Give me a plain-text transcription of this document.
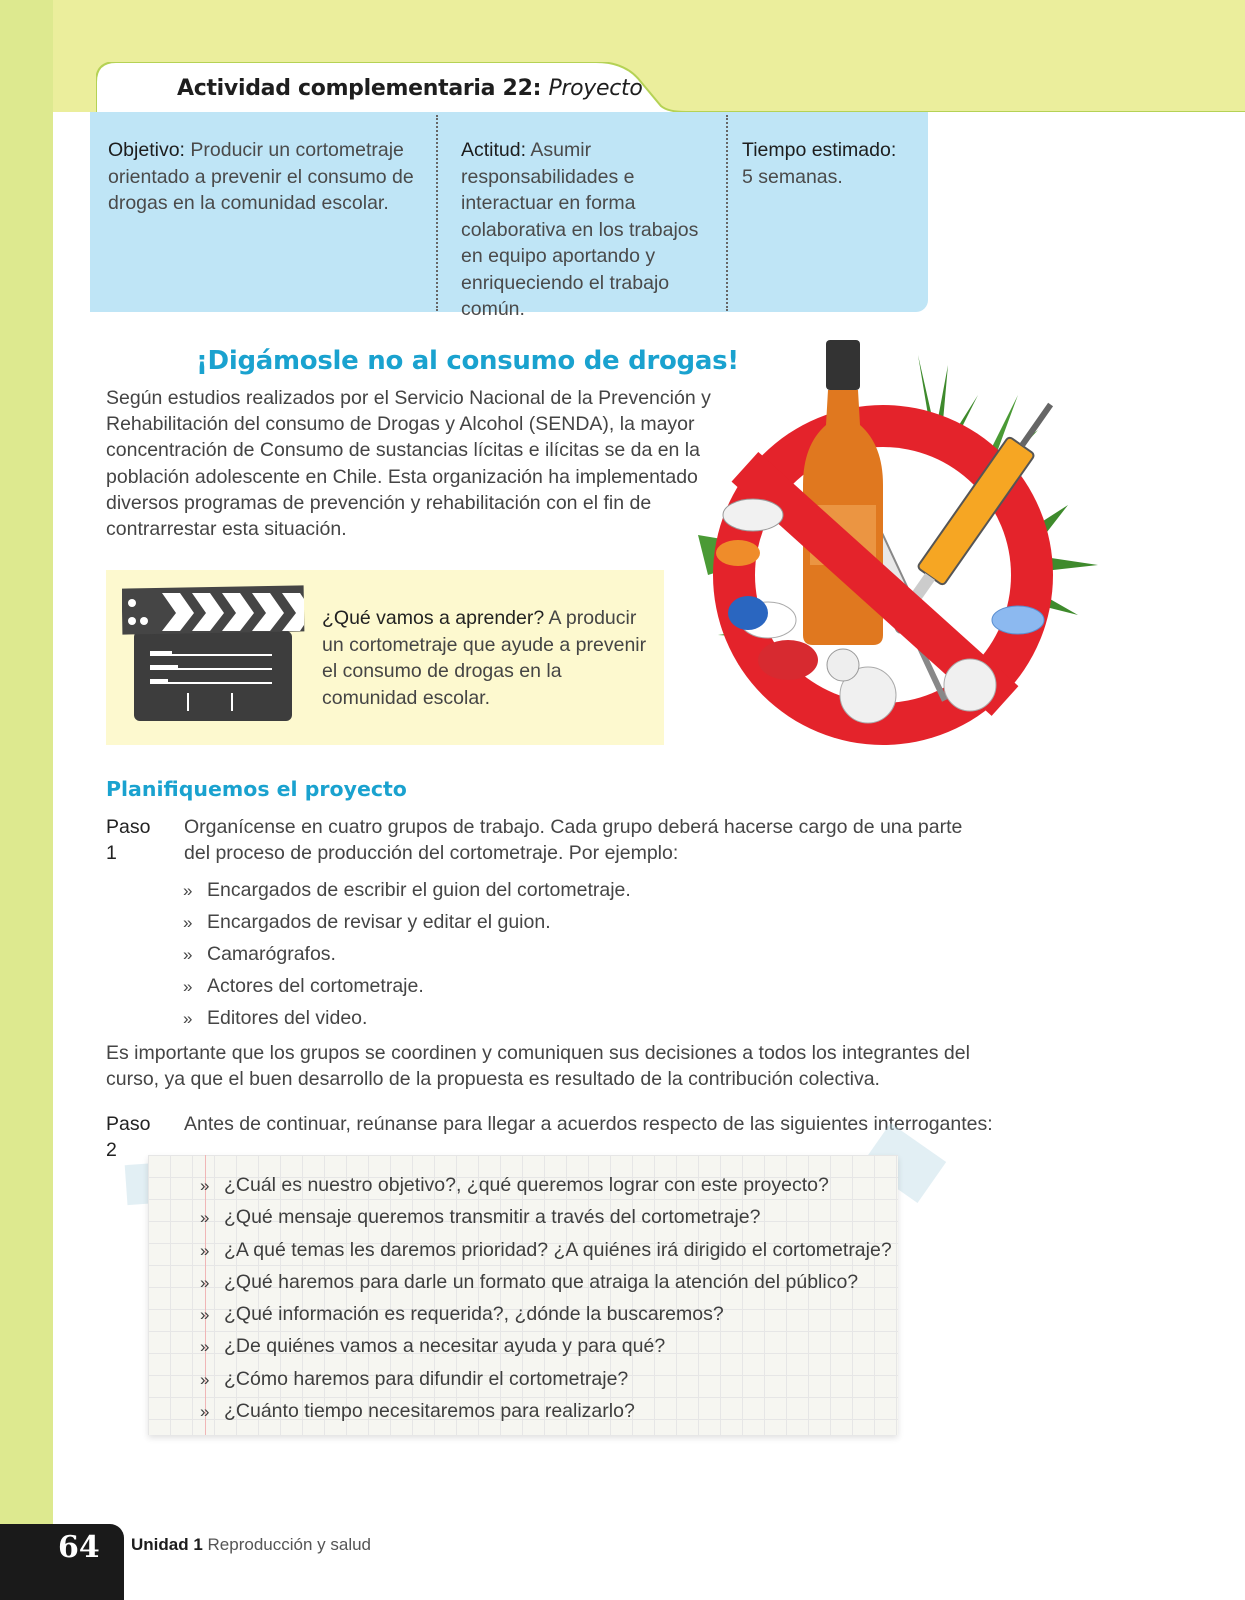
Actividad complementaria 22: Proyecto
Objetivo: Producir un cortometraje orientado a prevenir el consumo de drogas en la comunidad escolar.
Actitud: Asumir responsabilidades e interactuar en forma colaborativa en los trabajos en equipo aportando y enriqueciendo el trabajo común.
Tiempo estimado:
5 semanas.
¡Digámosle no al consumo de drogas!
Según estudios realizados por el Servicio Nacional de la Prevención y Rehabilitación del consumo de Drogas y Alcohol (SENDA), la mayor concentración de Consumo de sustancias lícitas e ilícitas se da en la población adolescente en Chile. Esta organización ha implementado diversos programas de prevención y rehabilitación con el fin de contrarrestar esta situación.
¿Qué vamos a aprender? A producir un cortometraje que ayude a prevenir el consumo de drogas en la comunidad escolar.
Planifiquemos el proyecto
Paso 1
Organícense en cuatro grupos de trabajo. Cada grupo deberá hacerse cargo de una parte del proceso de producción del cortometraje. Por ejemplo:
» Encargados de escribir el guion del cortometraje.
» Encargados de revisar y editar el guion.
» Camarógrafos.
» Actores del cortometraje.
» Editores del video.
Es importante que los grupos se coordinen y comuniquen sus decisiones a todos los integrantes del curso, ya que el buen desarrollo de la propuesta es resultado de la contribución colectiva.
Paso 2
Antes de continuar, reúnanse para llegar a acuerdos respecto de las siguientes interrogantes:
» ¿Cuál es nuestro objetivo?, ¿qué queremos lograr con este proyecto?
» ¿Qué mensaje queremos transmitir a través del cortometraje?
» ¿A qué temas les daremos prioridad? ¿A quiénes irá dirigido el cortometraje?
» ¿Qué haremos para darle un formato que atraiga la atención del público?
» ¿Qué información es requerida?, ¿dónde la buscaremos?
» ¿De quiénes vamos a necesitar ayuda y para qué?
» ¿Cómo haremos para difundir el cortometraje?
» ¿Cuánto tiempo necesitaremos para realizarlo?
64 Unidad 1 Reproducción y salud
